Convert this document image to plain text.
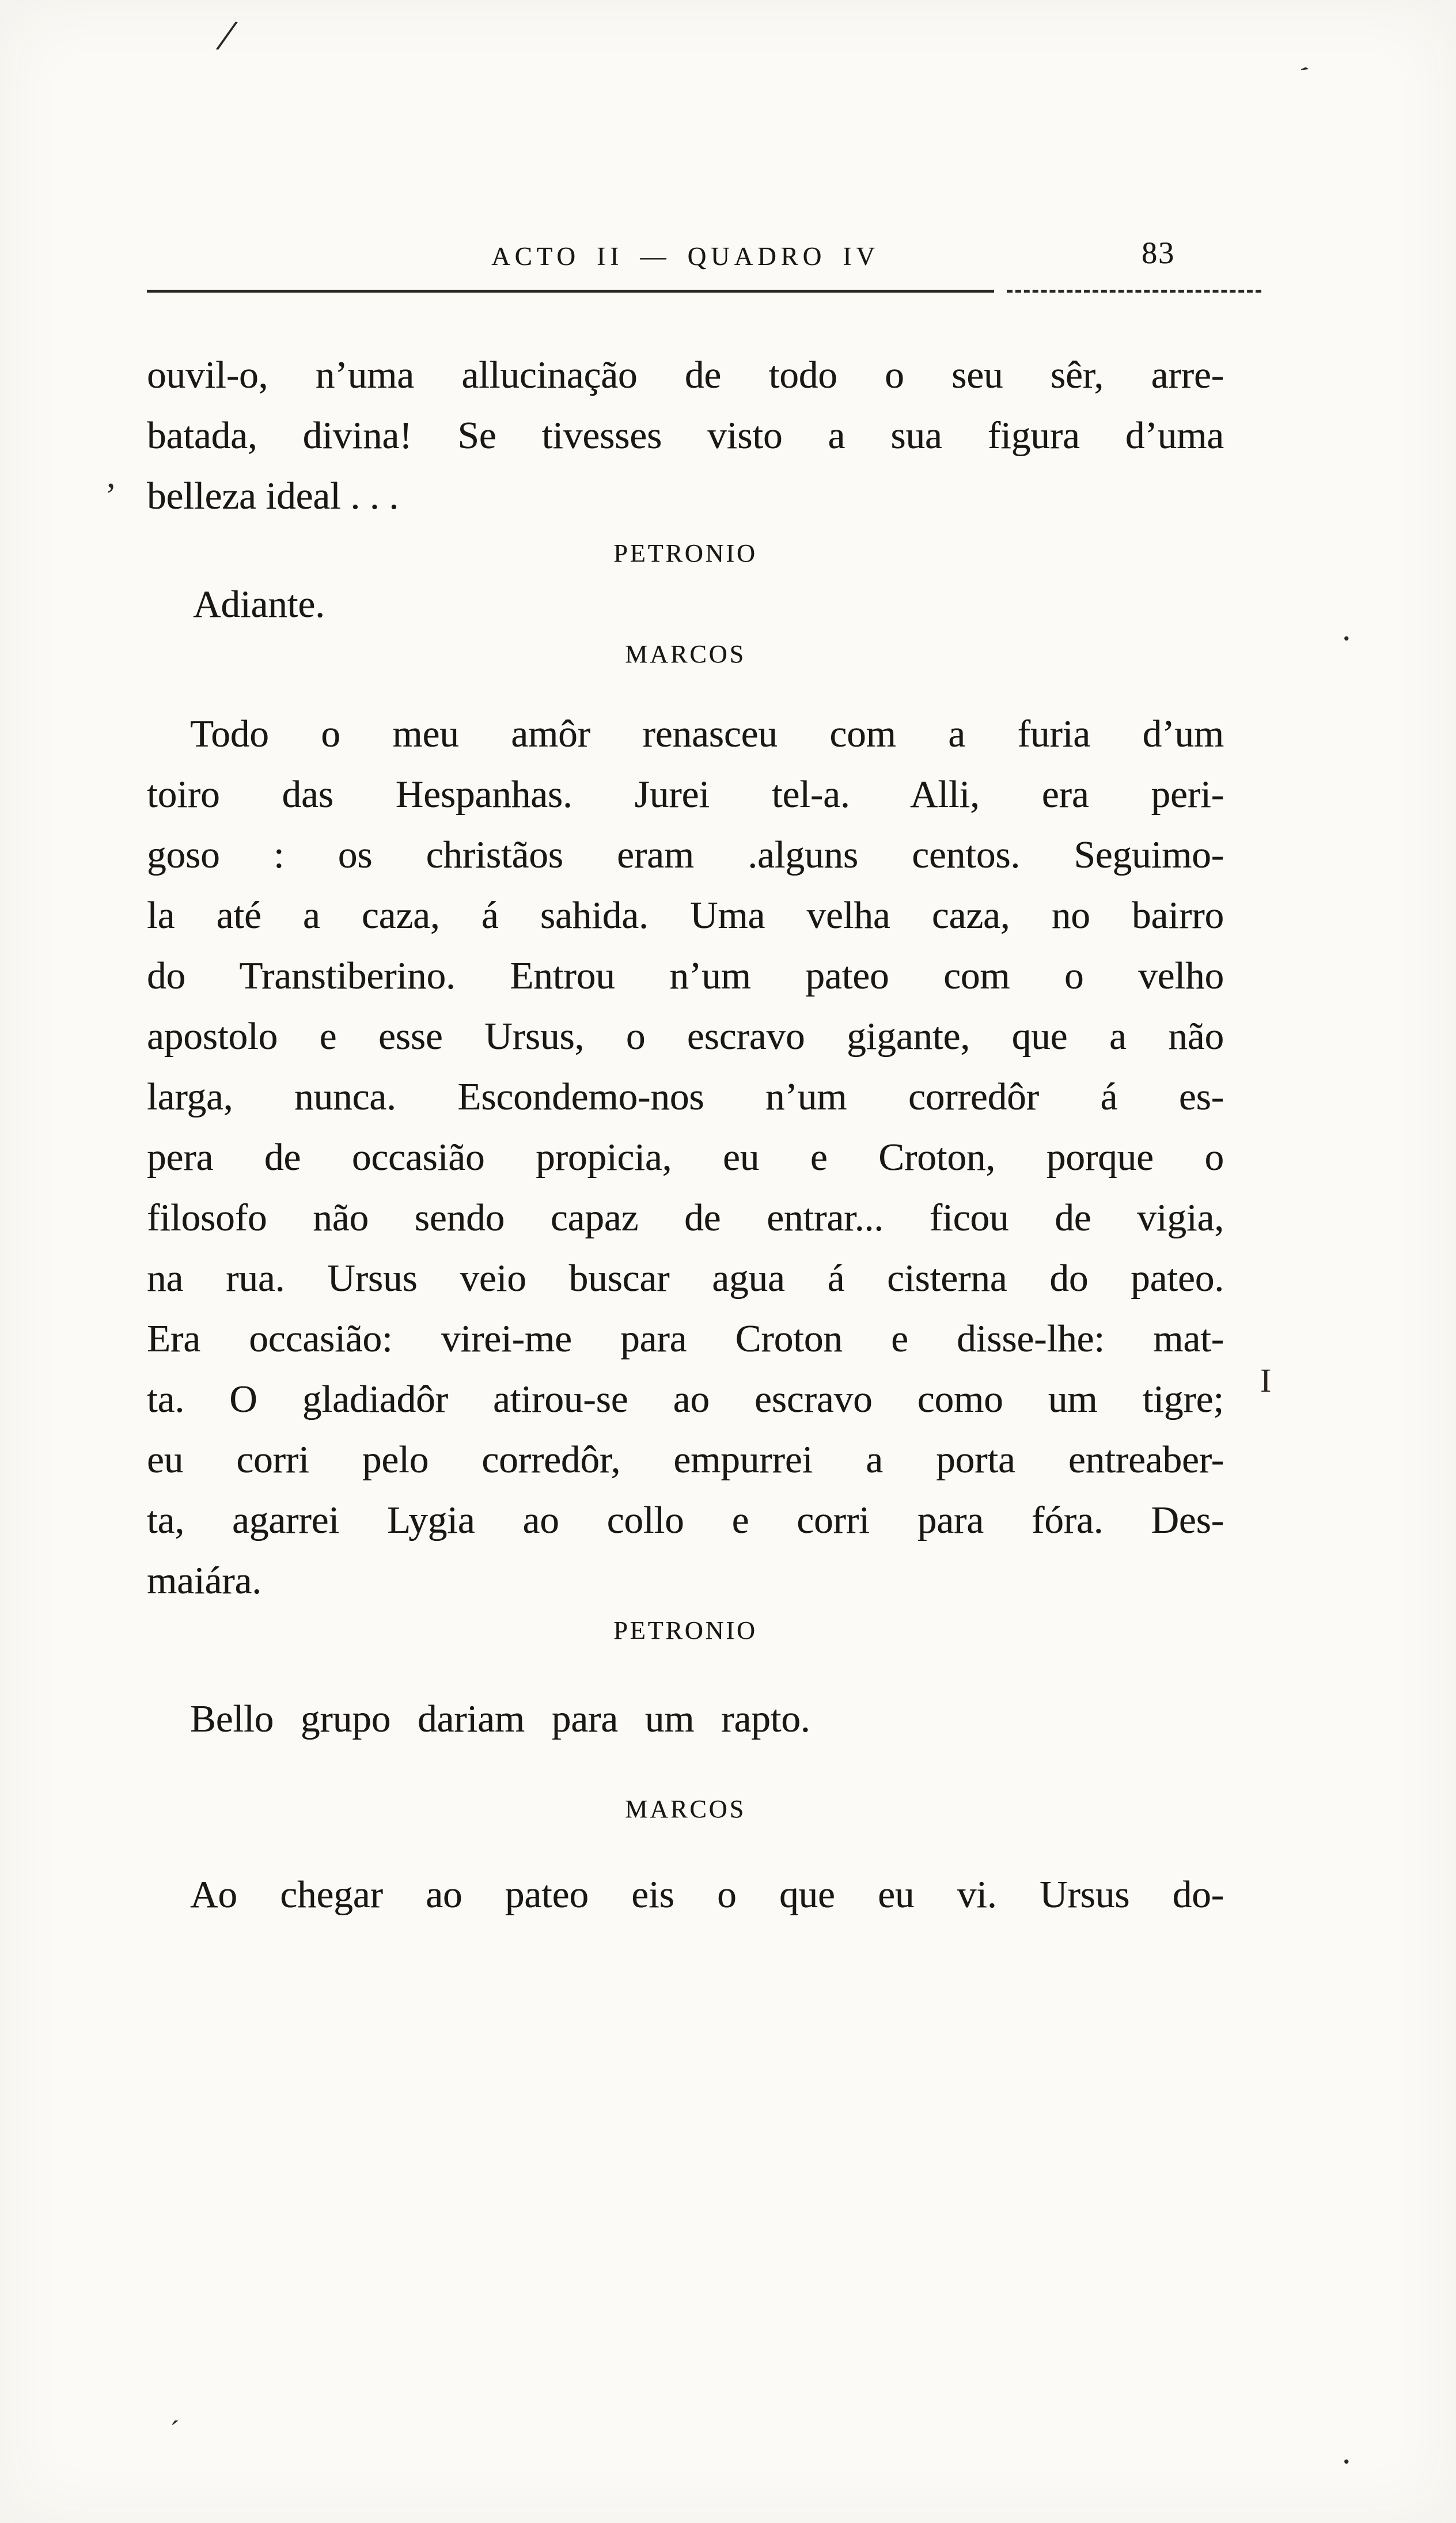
/
´
.
,
I
´
.
ACTO II — QUADRO IV	83
ouvil-o, n’uma allucinação de todo o seu sêr, arre-
batada, divina! Se tivesses visto a sua figura d’uma
belleza ideal . . .
PETRONIO
Adiante.
MARCOS
Todo o meu amôr renasceu com a furia d’um
toiro das Hespanhas. Jurei tel-a. Alli, era peri-
goso : os christãos eram .alguns centos. Seguimo-
la até a caza, á sahida. Uma velha caza, no bairro
do Transtiberino. Entrou n’um pateo com o velho
apostolo e esse Ursus, o escravo gigante, que a não
larga, nunca. Escondemo-nos n’um corredôr á es-
pera de occasião propicia, eu e Croton, porque o
filosofo não sendo capaz de entrar... ficou de vigia,
na rua. Ursus veio buscar agua á cisterna do pateo.
Era occasião: virei-me para Croton e disse-lhe: mat-
ta. O gladiadôr atirou-se ao escravo como um tigre;
eu corri pelo corredôr, empurrei a porta entreaber-
ta, agarrei Lygia ao collo e corri para fóra. Des-
maiára.
PETRONIO
Bello grupo dariam para um rapto.
MARCOS
Ao chegar ao pateo eis o que eu vi. Ursus do-
